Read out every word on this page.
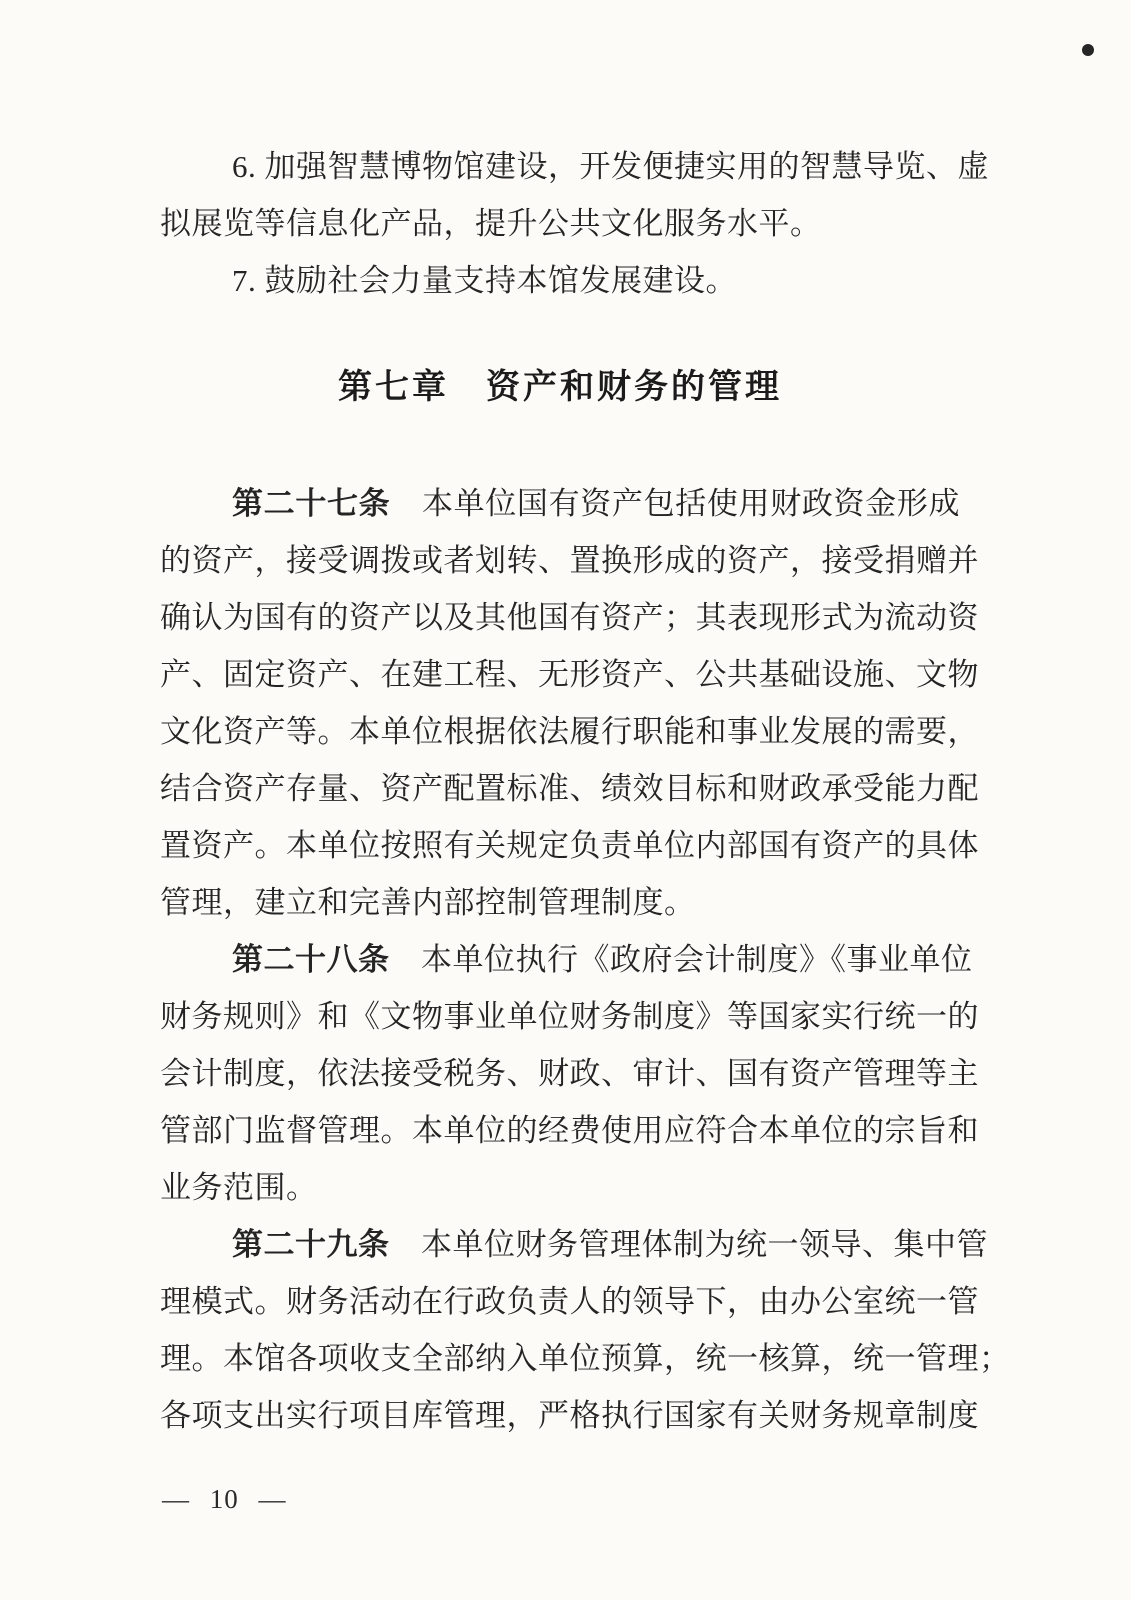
6. 加强智慧博物馆建设，开发便捷实用的智慧导览、虚
拟展览等信息化产品，提升公共文化服务水平。
7. 鼓励社会力量支持本馆发展建设。
第七章　资产和财务的管理
第二十七条　本单位国有资产包括使用财政资金形成
的资产，接受调拨或者划转、置换形成的资产，接受捐赠并
确认为国有的资产以及其他国有资产；其表现形式为流动资
产、固定资产、在建工程、无形资产、公共基础设施、文物
文化资产等。本单位根据依法履行职能和事业发展的需要，
结合资产存量、资产配置标准、绩效目标和财政承受能力配
置资产。本单位按照有关规定负责单位内部国有资产的具体
管理，建立和完善内部控制管理制度。
第二十八条　本单位执行《政府会计制度》《事业单位
财务规则》和《文物事业单位财务制度》等国家实行统一的
会计制度，依法接受税务、财政、审计、国有资产管理等主
管部门监督管理。本单位的经费使用应符合本单位的宗旨和
业务范围。
第二十九条　本单位财务管理体制为统一领导、集中管
理模式。财务活动在行政负责人的领导下，由办公室统一管
理。本馆各项收支全部纳入单位预算，统一核算，统一管理；
各项支出实行项目库管理，严格执行国家有关财务规章制度
— 10 —
